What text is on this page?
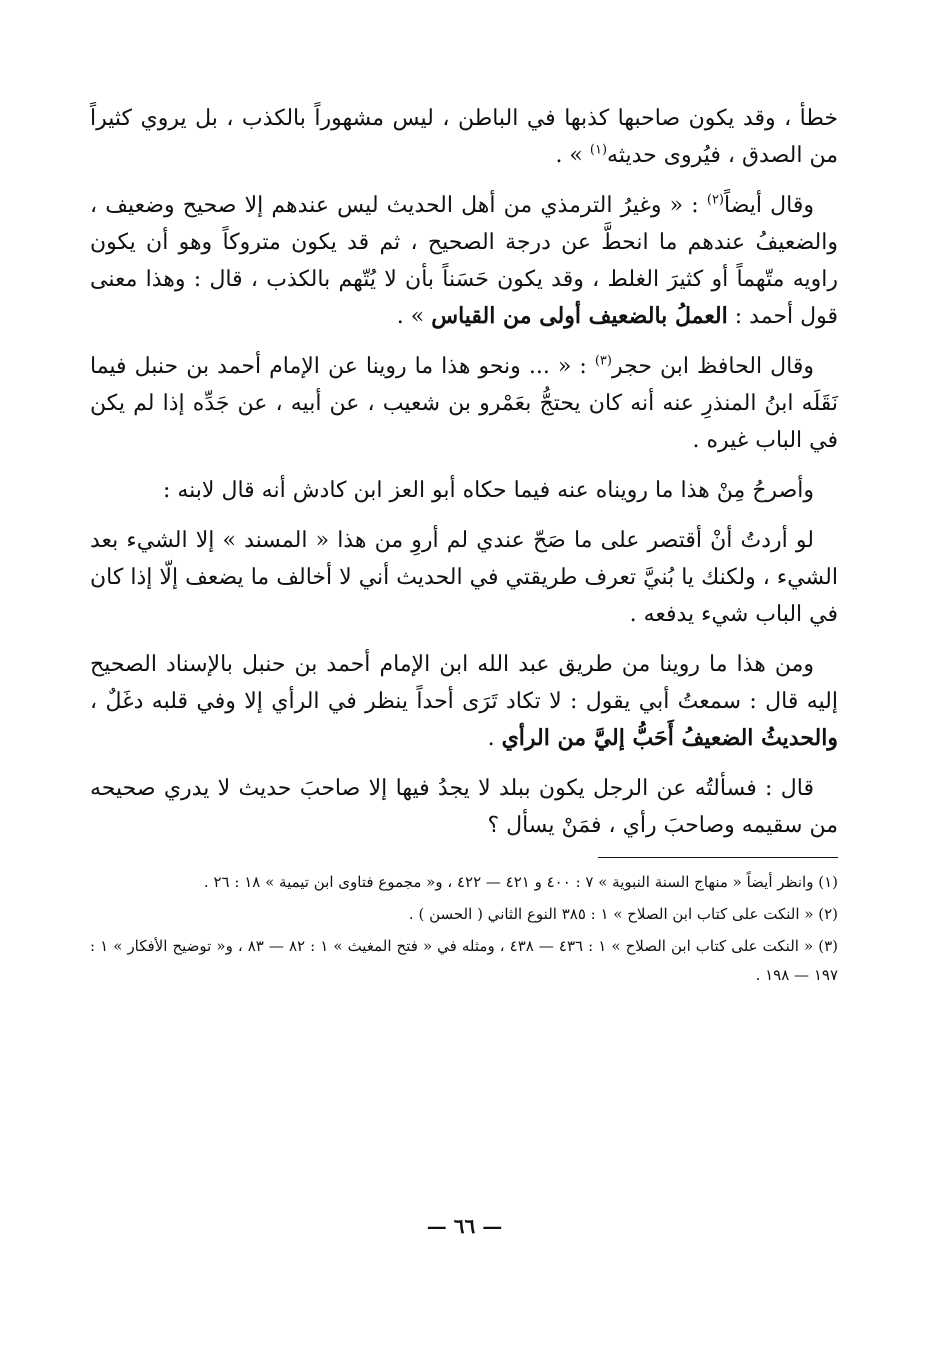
خطأ ، وقد يكون صاحبها كذبها في الباطن ، ليس مشهوراً بالكذب ، بل يروي كثيراً من الصدق ، فيُروى حديثه$^{(١)}$ » .

وقال أيضاً$^{(٢)}$ : « وغيرُ الترمذي من أهل الحديث ليس عندهم إلا صحيح وضعيف ، والضعيفُ عندهم ما انحطَّ عن درجة الصحيح ، ثم قد يكون متروكاً وهو أن يكون راويه متّهماً أو كثيرَ الغلط ، وقد يكون حَسَناً بأن لا يُتّهم بالكذب ، قال : وهذا معنى قول أحمد : العملُ بالضعيف أولى من القياس » .

وقال الحافظ ابن حجر$^{(٣)}$ : « ... ونحو هذا ما روينا عن الإمام أحمد بن حنبل فيما نَقَلَه ابنُ المنذرِ عنه أنه كان يحتجُّ بعَمْرو بن شعيب ، عن أبيه ، عن جَدِّه إذا لم يكن في الباب غيره .

وأصرحُ مِنْ هذا ما رويناه عنه فيما حكاه أبو العز ابن كادش أنه قال لابنه :

لو أردتُ أنْ أقتصر على ما صَحّ عندي لم أروِ من هذا « المسند » إلا الشيء بعد الشيء ، ولكنك يا بُنيَّ تعرف طريقتي في الحديث أني لا أخالف ما يضعف إلّا إذا كان في الباب شيء يدفعه .

ومن هذا ما روينا من طريق عبد الله ابن الإمام أحمد بن حنبل بالإسناد الصحيح إليه قال : سمعتُ أبي يقول : لا تكاد تَرَى أحداً ينظر في الرأي إلا وفي قلبه دغَلٌ ، والحديثُ الضعيفُ أَحَبُّ إليَّ من الرأي .

قال : فسألتُه عن الرجل يكون ببلد لا يجدُ فيها إلا صاحبَ حديث لا يدري صحيحه من سقيمه وصاحبَ رأي ، فمَنْ يسأل ؟

(١) وانظر أيضاً « منهاج السنة النبوية » ٧ : ٤٠٠ و ٤٢١ — ٤٢٢ ، و« مجموع فتاوى ابن تيمية » ١٨ : ٢٦ .

(٢) « النكت على كتاب ابن الصلاح » ١ : ٣٨٥ النوع الثاني ( الحسن ) .

(٣) « النكت على كتاب ابن الصلاح » ١ : ٤٣٦ — ٤٣٨ ، ومثله في « فتح المغيث » ١ : ٨٢ — ٨٣ ، و« توضيح الأفكار » ١ : ١٩٧ — ١٩٨ .

— ٦٦ —
